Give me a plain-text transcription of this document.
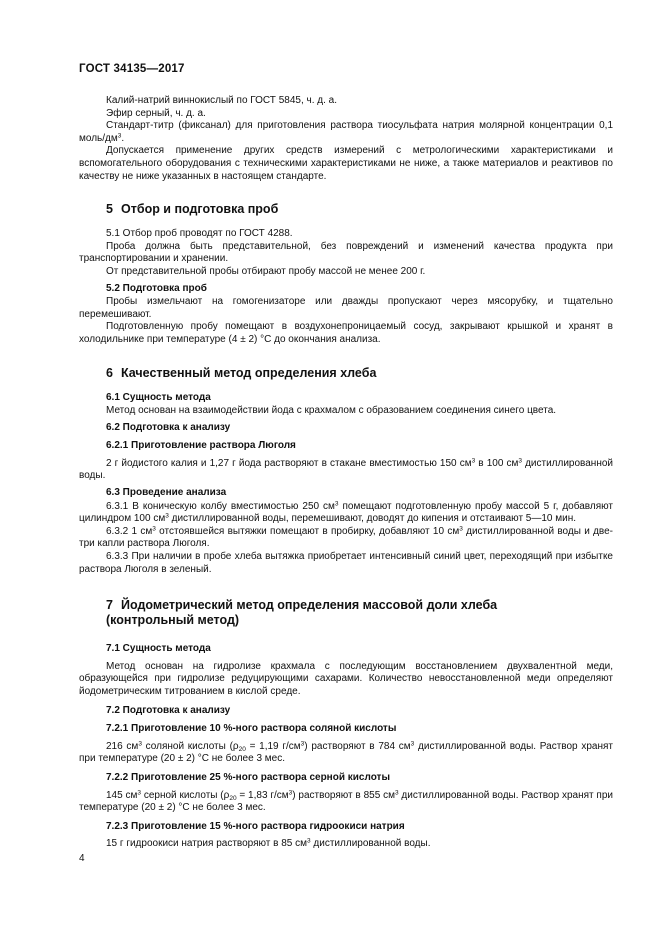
ГОСТ 34135—2017

Калий-натрий виннокислый по ГОСТ 5845, ч. д. а.

Эфир серный, ч. д. а.

Стандарт-титр (фиксанал) для приготовления раствора тиосульфата натрия молярной концентрации 0,1 моль/$дм^3$.

Допускается применение других средств измерений с метрологическими характеристиками и вспомогательного оборудования с техническими характеристиками не ниже, а также материалов и реактивов по качеству не ниже указанных в настоящем стандарте.

5 Отбор и подготовка проб

5.1 Отбор проб проводят по ГОСТ 4288.

Проба должна быть представительной, без повреждений и изменений качества продукта при транспортировании и хранении.

От представительной пробы отбирают пробу массой не менее 200 г.

5.2 Подготовка проб

Пробы измельчают на гомогенизаторе или дважды пропускают через мясорубку, и тщательно перемешивают.

Подготовленную пробу помещают в воздухонепроницаемый сосуд, закрывают крышкой и хранят в холодильнике при температуре (4 ± 2) °С до окончания анализа.

6 Качественный метод определения хлеба
6.1 Сущность метода

Метод основан на взаимодействии йода с крахмалом с образованием соединения синего цвета.

6.2 Подготовка к анализу
6.2.1 Приготовление раствора Люголя

2 г йодистого калия и 1,27 г йода растворяют в стакане вместимостью 150 $см^3$ в 100 $см^3$ дистиллированной воды.

6.3 Проведение анализа

6.3.1 В коническую колбу вместимостью 250 $см^3$ помещают подготовленную пробу массой 5 г, добавляют цилиндром 100 $см^3$ дистиллированной воды, перемешивают, доводят до кипения и отстаивают 5—10 мин.

6.3.2 1 $см^3$ отстоявшейся вытяжки помещают в пробирку, добавляют 10 $см^3$ дистиллированной воды и две-три капли раствора Люголя.

6.3.3 При наличии в пробе хлеба вытяжка приобретает интенсивный синий цвет, переходящий при избытке раствора Люголя в зеленый.

7 Йодометрический метод определения массовой доли хлеба
(контрольный метод)
7.1 Сущность метода

Метод основан на гидролизе крахмала с последующим восстановлением двухвалентной меди, образующейся при гидролизе редуцирующими сахарами. Количество невосстановленной меди определяют йодометрическим титрованием в кислой среде.

7.2 Подготовка к анализу
7.2.1 Приготовление 10 %-ного раствора соляной кислоты

216 $см^3$ соляной кислоты ($\rho_{20} = 1,19$ $г/см^3$) растворяют в 784 $см^3$ дистиллированной воды. Раствор хранят при температуре (20 ± 2) °С не более 3 мес.

7.2.2 Приготовление 25 %-ного раствора серной кислоты

145 $см^3$ серной кислоты ($\rho_{20} = 1,83$ $г/см^3$) растворяют в 855 $см^3$ дистиллированной воды. Раствор хранят при температуре (20 ± 2) °С не более 3 мес.

7.2.3 Приготовление 15 %-ного раствора гидроокиси натрия

15 г гидроокиси натрия растворяют в 85 $см^3$ дистиллированной воды.

4
